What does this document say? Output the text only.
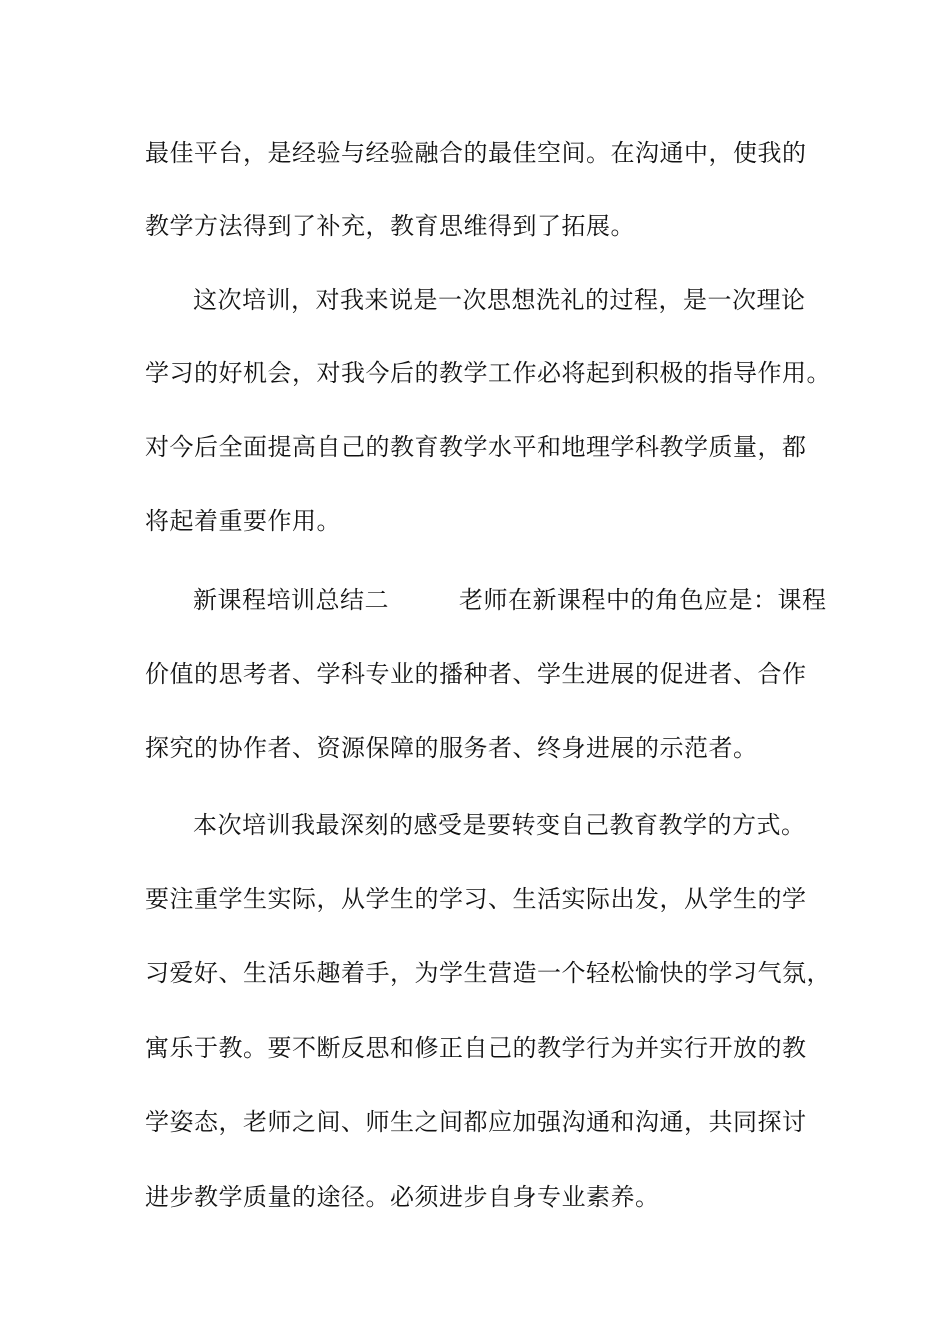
最佳平台，是经验与经验融合的最佳空间。在沟通中，使我的
教学方法得到了补充，教育思维得到了拓展。
这次培训，对我来说是一次思想洗礼的过程，是一次理论
学习的好机会，对我今后的教学工作必将起到积极的指导作用。
对今后全面提高自己的教育教学水平和地理学科教学质量，都
将起着重要作用。
新课程培训总结二	老师在新课程中的角色应是：课程
价值的思考者、学科专业的播种者、学生进展的促进者、合作
探究的协作者、资源保障的服务者、终身进展的示范者。
本次培训我最深刻的感受是要转变自己教育教学的方式。
要注重学生实际，从学生的学习、生活实际出发，从学生的学
习爱好、生活乐趣着手，为学生营造一个轻松愉快的学习气氛，
寓乐于教。要不断反思和修正自己的教学行为并实行开放的教
学姿态，老师之间、师生之间都应加强沟通和沟通，共同探讨
进步教学质量的途径。必须进步自身专业素养。
